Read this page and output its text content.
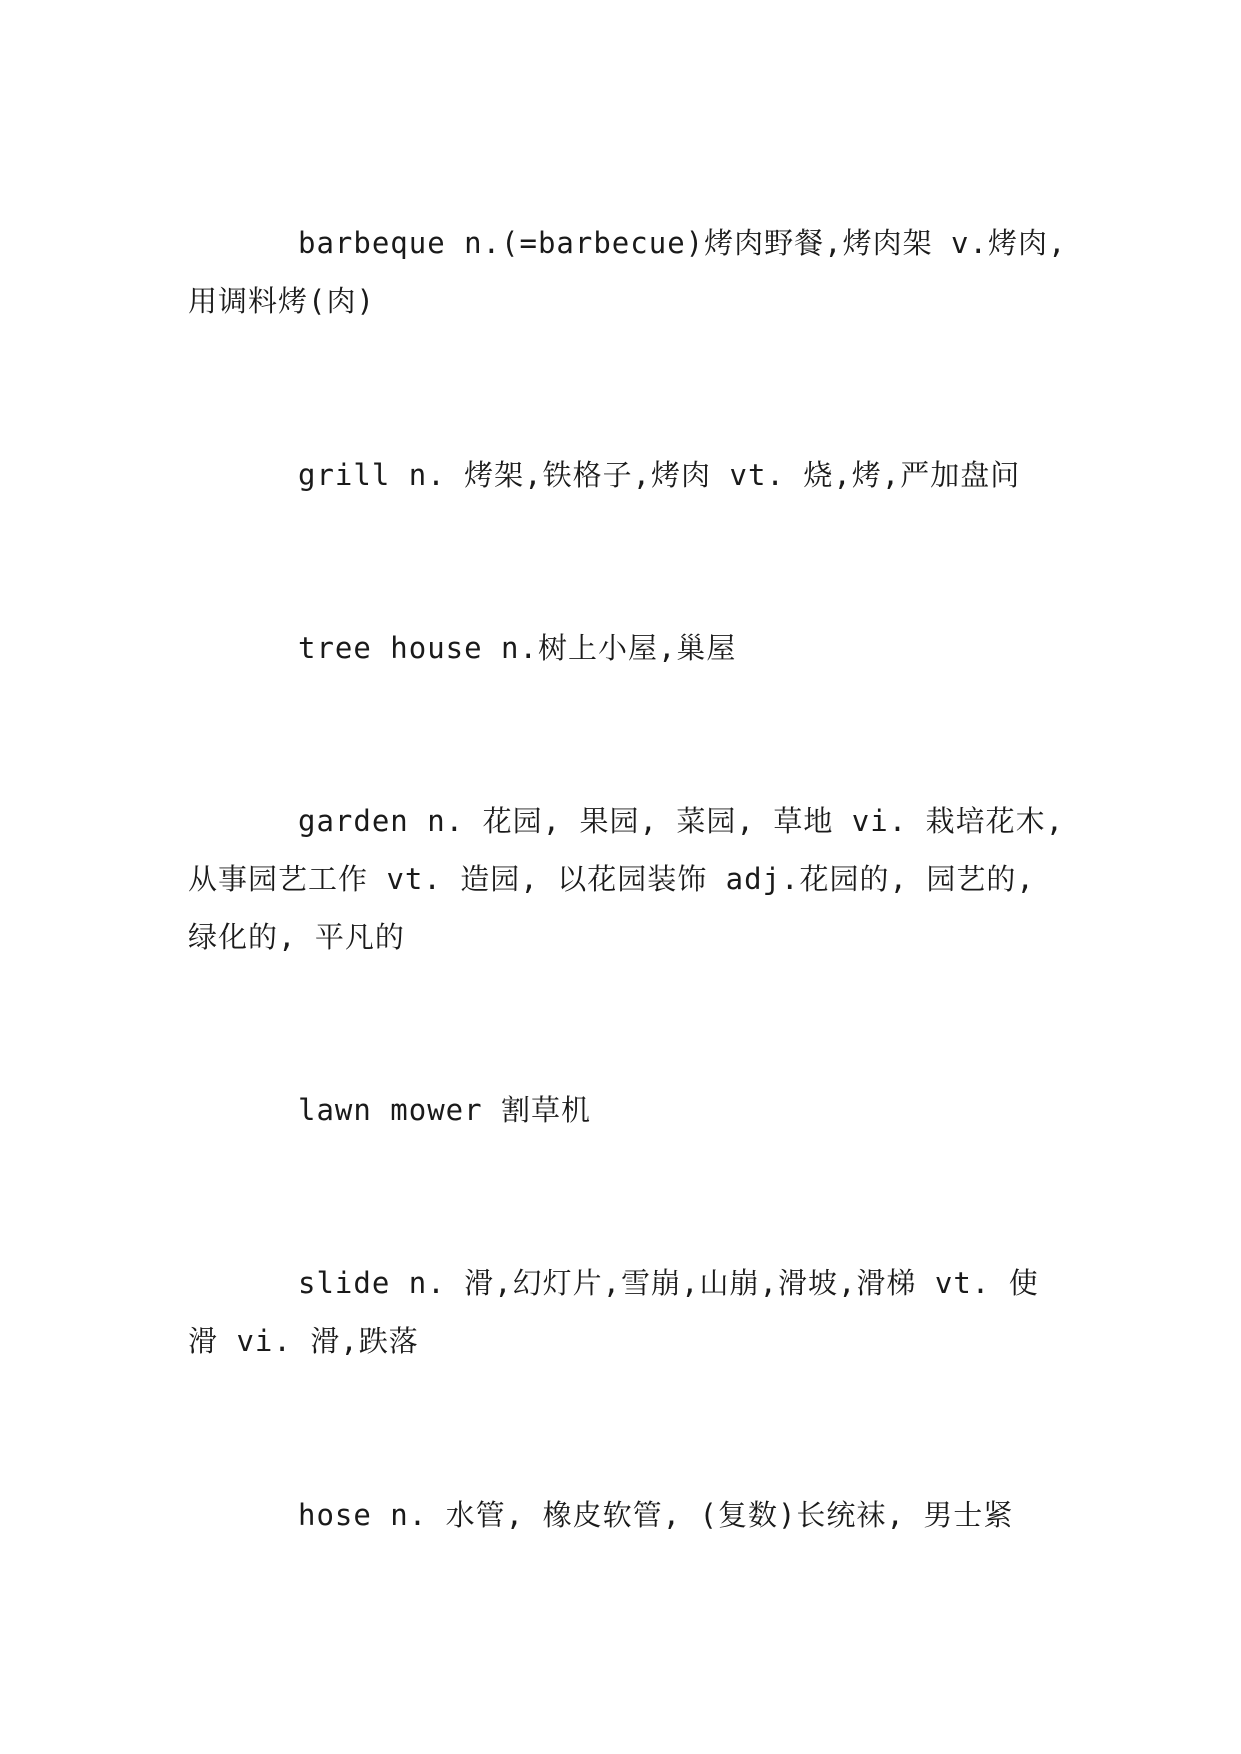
barbeque n.(=barbecue)烤肉野餐,烤肉架 v.烤肉,用调料烤(肉)

grill n. 烤架,铁格子,烤肉 vt. 烧,烤,严加盘问

tree house n.树上小屋,巢屋

garden n. 花园, 果园, 菜园, 草地 vi. 栽培花木,从事园艺工作 vt. 造园, 以花园装饰 adj.花园的, 园艺的, 绿化的, 平凡的

lawn mower 割草机

slide n. 滑,幻灯片,雪崩,山崩,滑坡,滑梯 vt. 使滑 vi. 滑,跌落

hose n. 水管, 橡皮软管, (复数)长统袜, 男士紧
